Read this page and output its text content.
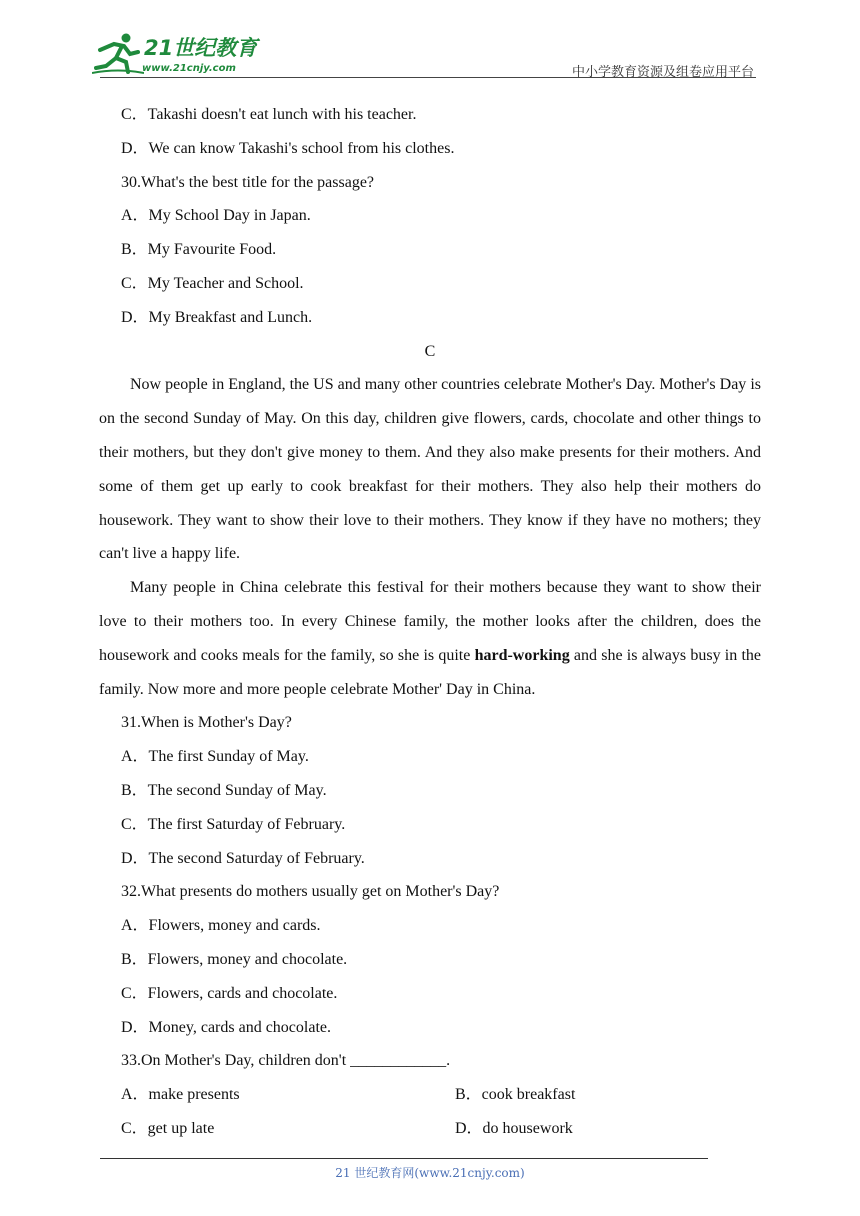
21世纪教育
www.21cnjy.com	中小学教育资源及组卷应用平台
C．Takashi doesn't eat lunch with his teacher.
D．We can know Takashi's school from his clothes.
30.What's the best title for the passage?
A．My School Day in Japan.
B．My Favourite Food.
C．My Teacher and School.
D．My Breakfast and Lunch.
C

Now people in England, the US and many other countries celebrate Mother's Day. Mother's Day is on the second Sunday of May. On this day, children give flowers, cards, chocolate and other things to their mothers, but they don't give money to them. And they also make presents for their mothers. And some of them get up early to cook breakfast for their mothers. They also help their mothers do housework. They want to show their love to their mothers. They know if they have no mothers; they can't live a happy life.

Many people in China celebrate this festival for their mothers because they want to show their love to their mothers too. In every Chinese family, the mother looks after the children, does the housework and cooks meals for the family, so she is quite hard-working and she is always busy in the family. Now more and more people celebrate Mother' Day in China.

31.When is Mother's Day?
A．The first Sunday of May.
B．The second Sunday of May.
C．The first Saturday of February.
D．The second Saturday of February.
32.What presents do mothers usually get on Mother's Day?
A．Flowers, money and cards.
B．Flowers, money and chocolate.
C．Flowers, cards and chocolate.
D．Money, cards and chocolate.
33.On Mother's Day, children don't ____________.
A．make presents	B．cook breakfast
C．get up late	D．do housework
21 世纪教育网(www.21cnjy.com)
